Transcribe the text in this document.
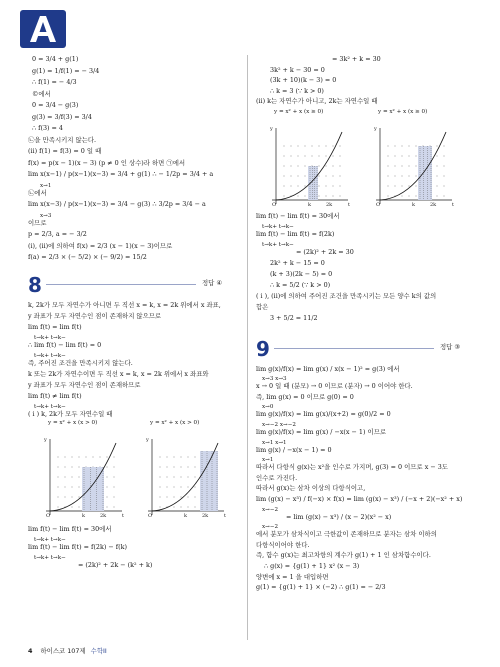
0 = 3/4 + g(1)
g(1) = 1/f(1) = − 3/4
∴ f(1) = − 4/3
©에서
0 = 3/4 − g(3)
g(3) = 3/f(3) = 3/4
∴ f(3) = 4
㉡을 만족시키지 않는다.
(ii) f(1) = f(3) = 0 일 때
f(x) = p(x − 1)(x − 3) (p ≠ 0 인 상수)라 하면 ㉠에서
lim x(x−1) / p(x−1)(x−3) = 3/4 + g(1) ∴ − 1/2p = 3/4 + a
x→1
㉡에서
lim x(x−3) / p(x−1)(x−3) = 3/4 − g(3) ∴ 3/2p = 3/4 − a
x→3
이므로
p = 2/3, a = − 3/2
(i), (ii)에 의하여 f(x) = 2/3 (x − 1)(x − 3)이므로
f(a) = 2/3 × (− 5/2) × (− 9/2) = 15/2
8	정답 ④
k, 2k가 모두 자연수가 아니면 두 직선 x = k, x = 2k 위에서 x 좌표,
y 좌표가 모두 자연수인 점이 존재하지 않으므로
lim f(t) = lim f(t)
t→k+ t→k−
∴ lim f(t) − lim f(t) = 0
t→k+ t→k−
즉, 주어진 조건을 만족시키지 않는다.
k 또는 2k가 자연수이면 두 직선 x = k, x = 2k 위에서 x 좌표와
y 좌표가 모두 자연수인 점이 존재하므로
lim f(t) ≠ lim f(t)
t→k+ t→k−
( i ) k, 2k가 모두 자연수일 때
O	t
y
k	2k
y = x² + x (x > 0)
O	t
y
k	2k
y = x² + x (x > 0)
lim f(t) − lim f(t) = 30에서
t→k+ t→k−
lim f(t) − lim f(t) = f(2k) − f(k)
t→k+ t→k−
= (2k)² + 2k − (k² + k)
= 3k² + k = 30
3k² + k − 30 = 0
(3k + 10)(k − 3) = 0
∴ k = 3 (∵ k > 0)
(ii) k는 자연수가 아니고, 2k는 자연수일 때
O	t
y
k	2k
y = x² + x (x ≥ 0)
O	t
y
k	2k
y = x² + x (x ≥ 0)
lim f(t) − lim f(t) = 30에서
t→k+ t→k−
lim f(t) − lim f(t) = f(2k)
t→k+ t→k−
= (2k)² + 2k = 30
2k² + k − 15 = 0
(k + 3)(2k − 5) = 0
∴ k = 5/2 (∵ k > 0)
( i ), (ii)에 의하여 주어진 조건을 만족시키는 모든 양수 k의 값의
합은
3 + 5/2 = 11/2
9	정답 ③
lim g(x)/f(x) = lim g(x) / x(x − 1)² = g(3) 에서
x→3 x→3
x → 0 일 때 (분모) → 0 이므로 (분자) → 0 이어야 한다.
즉, lim g(x) = 0 이므로 g(0) = 0
x→0
lim g(x)/f(x) = lim g(x)/(x+2) = g(0)/2 = 0
x→−2 x→−2
lim g(x)/f(x) = lim g(x) / −x(x − 1) 이므로
x→1 x→1
lim g(x) / −x(x − 1) = 0
x→1
따라서 다항식 g(x)는 x²을 인수로 가지며, g(3) = 0 이므로 x − 3도
인수로 가진다.
따라서 g(x)는 삼차 이상의 다항식이고,
lim (g(x) − x³) / f(−x) × f(x) = lim (g(x) − x³) / (−x + 2)(−x² + x)
x→−2
= lim (g(x) − x³) / (x − 2)(x² − x)
x→−2
에서 분모가 삼차식이고 극한값이 존재하므로 분자는 삼차 이하의
다항식이어야 한다.
즉, 함수 g(x)는 최고차항의 계수가 g(1) + 1 인 삼차함수이다.
∴ g(x) = {g(1) + 1} x² (x − 3)
양변에 x = 1 을 대입하면
g(1) = {g(1) + 1} × (−2) ∴ g(1) = − 2/3
4 하이스코 107제 수학II
